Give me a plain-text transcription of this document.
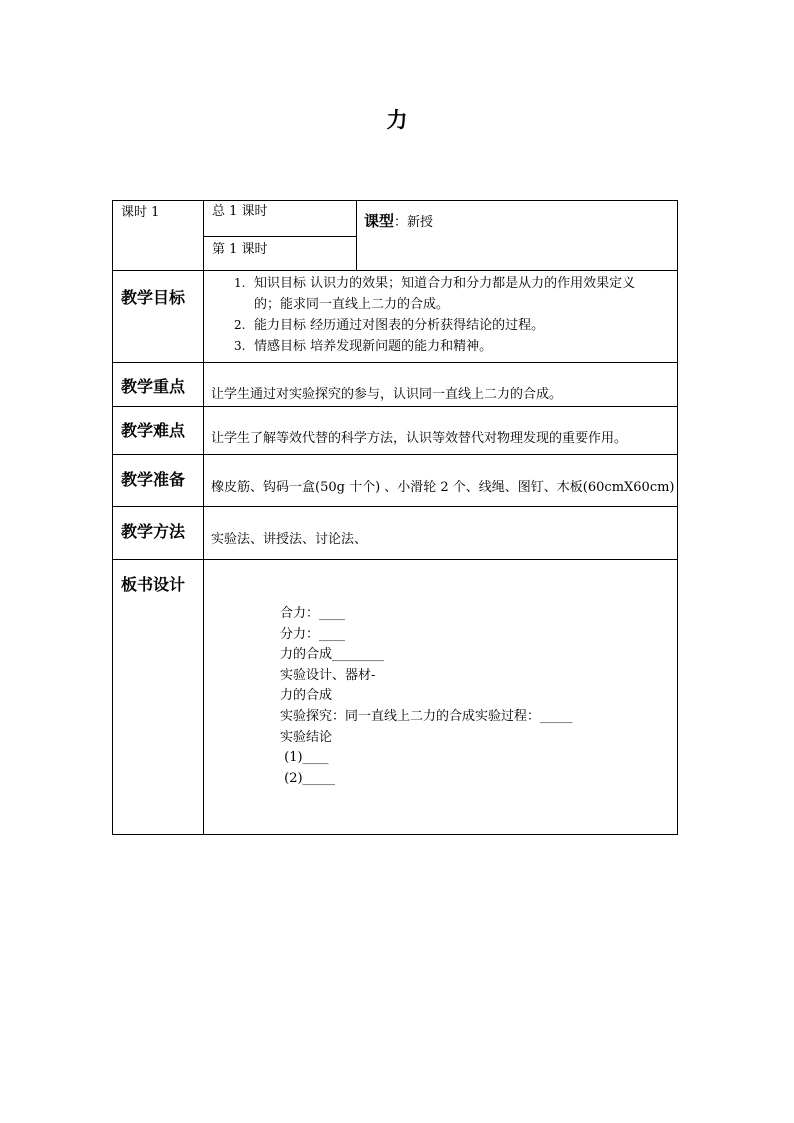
力
课时 1	总 1 课时
第 1 课时
课型：新授
教学目标
1. 知识目标 认识力的效果；知道合力和分力都是从力的作用效果定义
的；能求同一直线上二力的合成。
2. 能力目标 经历通过对图表的分析获得结论的过程。
3. 情感目标 培养发现新问题的能力和精神。
教学重点 让学生通过对实验探究的参与，认识同一直线上二力的合成。
教学难点 让学生了解等效代替的科学方法，认识等效替代对物理发现的重要作用。
教学准备 橡皮筋、钩码一盒(50g 十个) 、小滑轮 2 个、线绳、图钉、木板(60cmX60cm)
教学方法 实验法、讲授法、讨论法、
板书设计
合力：____
分力：____
力的合成________
实验设计、器材-
力的合成
实验探究：同一直线上二力的合成实验过程：_____
实验结论
(1)____
(2)_____
